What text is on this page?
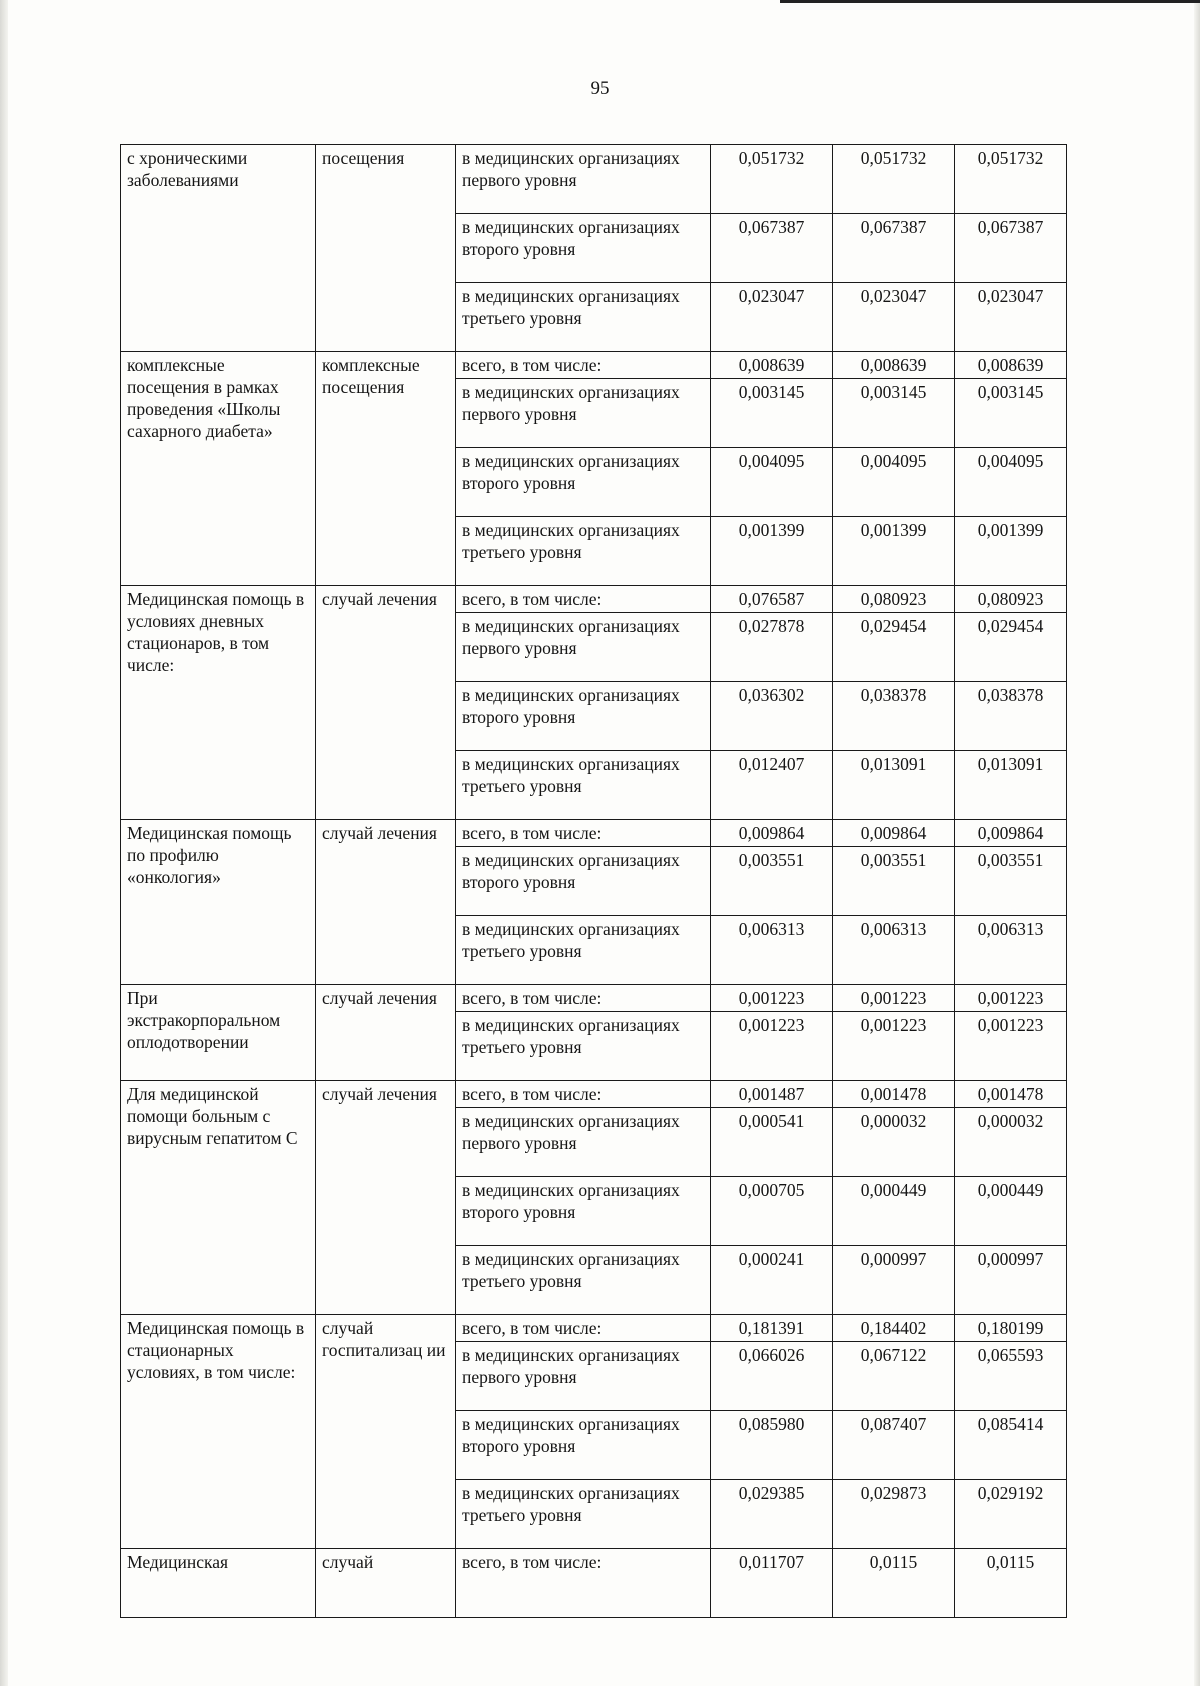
95
с хроническими заболеваниями	посещения	в медицинских организациях первого уровня	0,051732	0,051732	0,051732
		в медицинских организациях второго уровня	0,067387	0,067387	0,067387
		в медицинских организациях третьего уровня	0,023047	0,023047	0,023047
комплексные посещения в рамках проведения «Школы сахарного диабета»	комплексные посещения	всего, в том числе:	0,008639	0,008639	0,008639
		в медицинских организациях первого уровня	0,003145	0,003145	0,003145
		в медицинских организациях второго уровня	0,004095	0,004095	0,004095
		в медицинских организациях третьего уровня	0,001399	0,001399	0,001399
Медицинская помощь в условиях дневных стационаров, в том числе:	случай лечения	всего, в том числе:	0,076587	0,080923	0,080923
		в медицинских организациях первого уровня	0,027878	0,029454	0,029454
		в медицинских организациях второго уровня	0,036302	0,038378	0,038378
		в медицинских организациях третьего уровня	0,012407	0,013091	0,013091
Медицинская помощь по профилю «онкология»	случай лечения	всего, в том числе:	0,009864	0,009864	0,009864
		в медицинских организациях второго уровня	0,003551	0,003551	0,003551
		в медицинских организациях третьего уровня	0,006313	0,006313	0,006313
При экстракорпоральном оплодотворении	случай лечения	всего, в том числе:	0,001223	0,001223	0,001223
		в медицинских организациях третьего уровня	0,001223	0,001223	0,001223
Для медицинской помощи больным с вирусным гепатитом С	случай лечения	всего, в том числе:	0,001487	0,001478	0,001478
		в медицинских организациях первого уровня	0,000541	0,000032	0,000032
		в медицинских организациях второго уровня	0,000705	0,000449	0,000449
		в медицинских организациях третьего уровня	0,000241	0,000997	0,000997
Медицинская помощь в стационарных условиях, в том числе:	случай госпитализац ии	всего, в том числе:	0,181391	0,184402	0,180199
		в медицинских организациях первого уровня	0,066026	0,067122	0,065593
		в медицинских организациях второго уровня	0,085980	0,087407	0,085414
		в медицинских организациях третьего уровня	0,029385	0,029873	0,029192
Медицинская	случай	всего, в том числе:	0,011707	0,0115	0,0115
